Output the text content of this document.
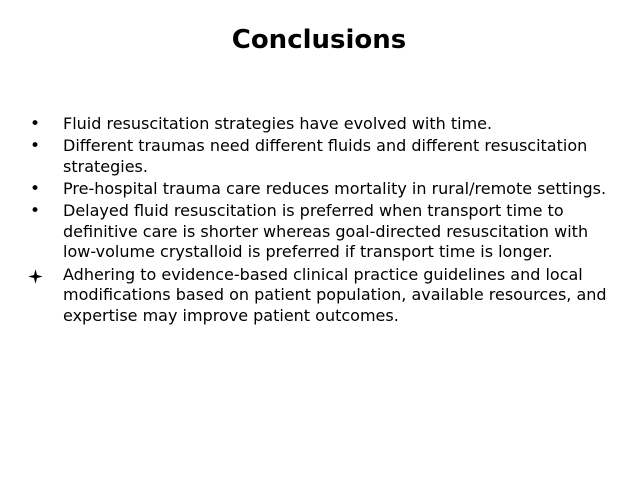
Conclusions
•	Fluid resuscitation strategies have evolved with time.
•	Different traumas need different fluids and different resuscitation strategies.
•	Pre-hospital trauma care reduces mortality in rural/remote settings.
•	Delayed fluid resuscitation is preferred when transport time to definitive care is shorter whereas goal-directed resuscitation with low-volume crystalloid is preferred if transport time is longer.
Adhering to evidence-based clinical practice guidelines and local modifications based on patient population, available resources, and expertise may improve patient outcomes.
